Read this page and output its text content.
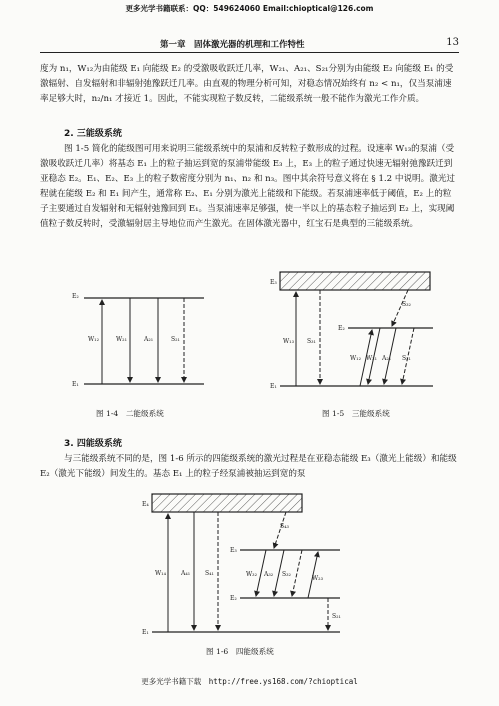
更多光学书籍联系：QQ：549624060 Email:chioptical@126.com
第一章　固体激光器的机理和工作特性	13

度为 n₁，W₁₂为由能级 E₁ 向能级 E₂ 的受激吸收跃迁几率，W₂₁、A₂₁、S₂₁分别为由能级 E₂ 向能级 E₁ 的受激辐射、自发辐射和非辐射弛豫跃迁几率。由直观的物理分析可知，对稳态情况始终有 n₂ < n₁，仅当泵浦速率足够大时，n₂/n₁ 才接近 1。因此，不能实现粒子数反转，二能级系统一般不能作为激光工作介质。

2. 三能级系统

图 1-5 简化的能级图可用来说明三能级系统中的泵浦和反转粒子数形成的过程。设速率 W₁₃的泵浦（受激吸收跃迁几率）将基态 E₁ 上的粒子抽运到宽的泵浦带能级 E₃ 上，E₃ 上的粒子通过快速无辐射弛豫跃迁到亚稳态 E₂。E₁、E₂、E₃ 上的粒子数密度分别为 n₁、n₂ 和 n₃。图中其余符号意义将在 § 1.2 中说明。激光过程就在能级 E₂ 和 E₁ 间产生，通常称 E₂、E₁ 分别为激光上能级和下能级。若泵浦速率低于阈值，E₂ 上的粒子主要通过自发辐射和无辐射弛豫回到 E₁。当泵浦速率足够强，使一半以上的基态粒子抽运到 E₂ 上，实现阈值粒子数反转时，受激辐射居主导地位而产生激光。在固体激光器中，红宝石是典型的三能级系统。

E₂
E₁
W₁₂	W₂₁	A₂₁	S₂₁
图 1-4　二能级系统
E₃
E₂
E₁
W₁₃ S₃₁
S₃₂
W₁₂ W₂₁ A₂₁ S₂₁
图 1-5　三能级系统
3. 四能级系统

与三能级系统不同的是，图 1-6 所示的四能级系统的激光过程是在亚稳态能级 E₃（激光上能级）和能级 E₂（激光下能级）间发生的。基态 E₁ 上的粒子经泵浦被抽运到宽的泵

E₄
E₃
E₂
E₁
W₁₄	A₄₁ S₄₁
S₄₃
W₃₂ A₃₂ S₃₂
W₂₃
S₂₁
图 1-6　四能级系统
更多光学书籍下载　http://free.ys168.com/?chioptical
